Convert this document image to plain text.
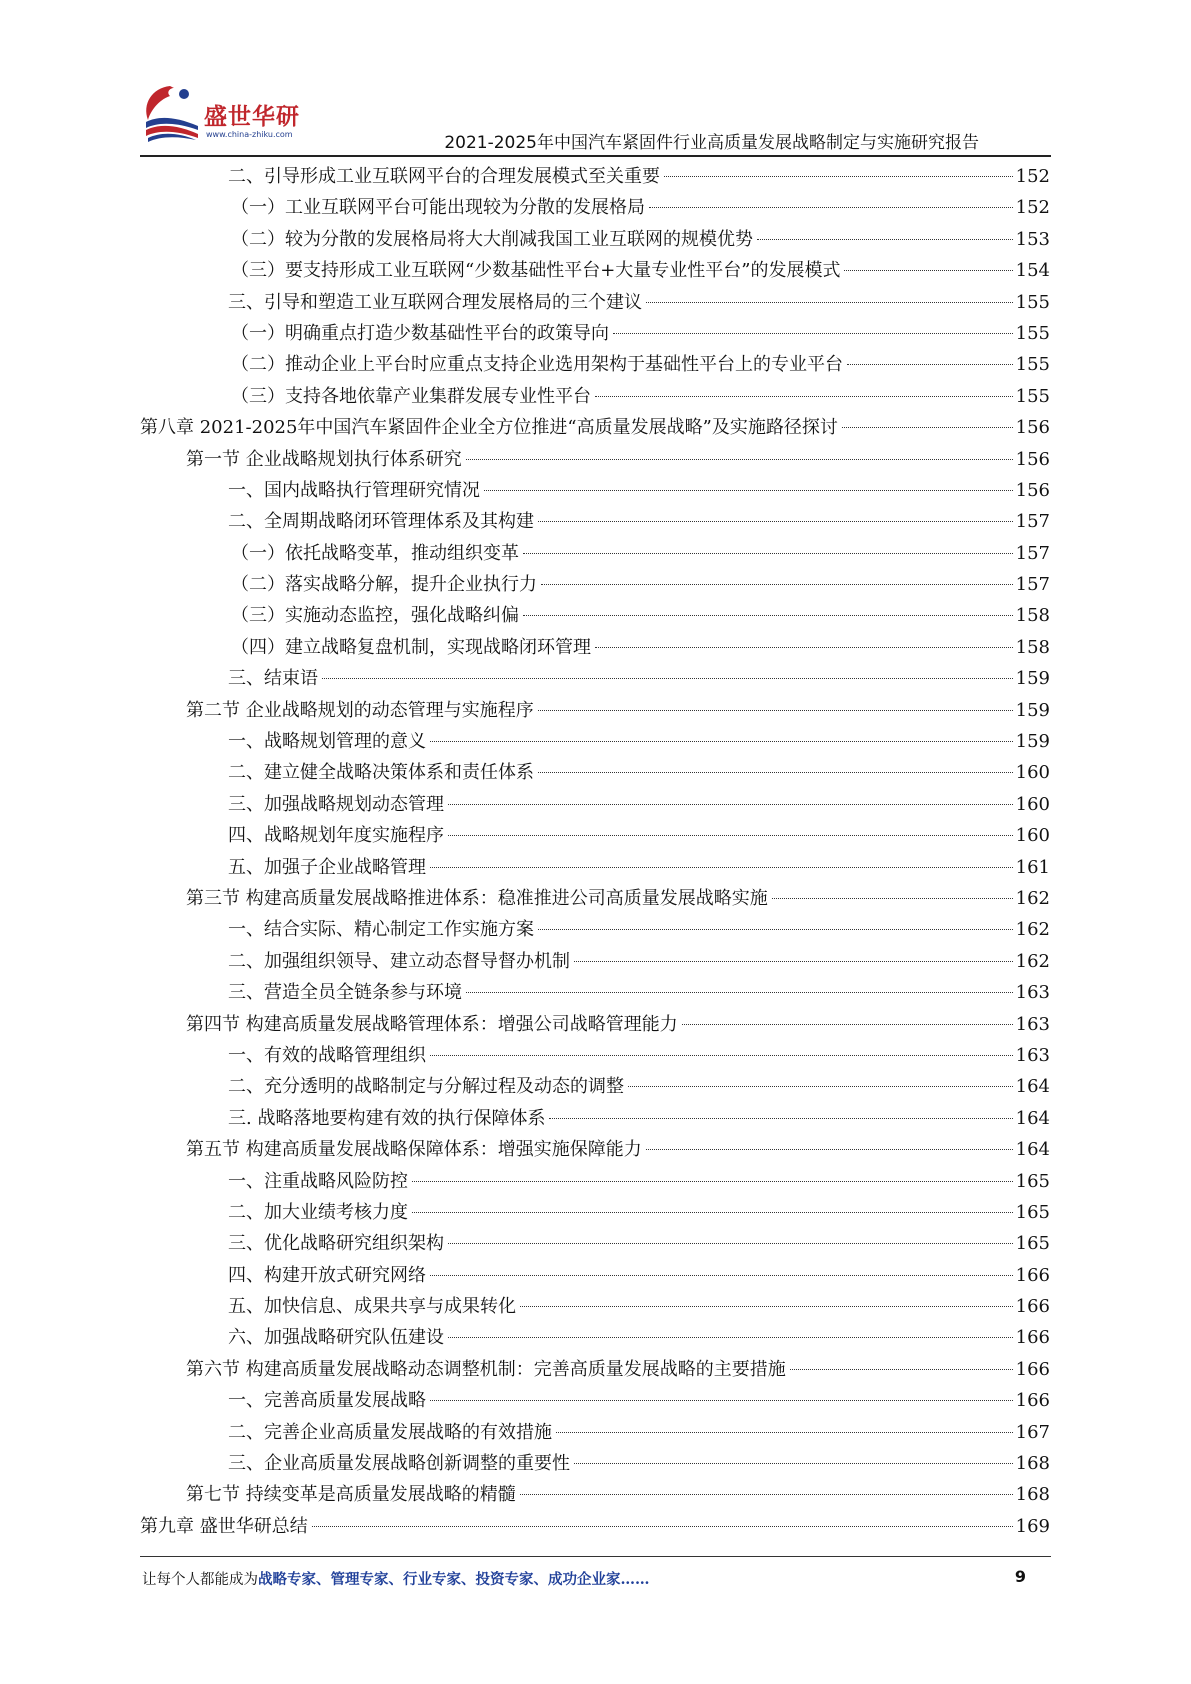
盛世华研
www.china-zhiku.com	2021-2025年中国汽车紧固件行业高质量发展战略制定与实施研究报告
二、引导形成工业互联网平台的合理发展模式至关重要	152
（一）工业互联网平台可能出现较为分散的发展格局	152
（二）较为分散的发展格局将大大削减我国工业互联网的规模优势	153
（三）要支持形成工业互联网“少数基础性平台+大量专业性平台”的发展模式	154
三、引导和塑造工业互联网合理发展格局的三个建议	155
（一）明确重点打造少数基础性平台的政策导向	155
（二）推动企业上平台时应重点支持企业选用架构于基础性平台上的专业平台	155
（三）支持各地依靠产业集群发展专业性平台	155
第八章 2021-2025年中国汽车紧固件企业全方位推进“高质量发展战略”及实施路径探讨	156
第一节 企业战略规划执行体系研究	156
一、国内战略执行管理研究情况	156
二、全周期战略闭环管理体系及其构建	157
（一）依托战略变革，推动组织变革	157
（二）落实战略分解，提升企业执行力	157
（三）实施动态监控，强化战略纠偏	158
（四）建立战略复盘机制，实现战略闭环管理	158
三、结束语	159
第二节 企业战略规划的动态管理与实施程序	159
一、战略规划管理的意义	159
二、建立健全战略决策体系和责任体系	160
三、加强战略规划动态管理	160
四、战略规划年度实施程序	160
五、加强子企业战略管理	161
第三节 构建高质量发展战略推进体系：稳准推进公司高质量发展战略实施	162
一、结合实际、精心制定工作实施方案	162
二、加强组织领导、建立动态督导督办机制	162
三、营造全员全链条参与环境	163
第四节 构建高质量发展战略管理体系：增强公司战略管理能力	163
一、有效的战略管理组织	163
二、充分透明的战略制定与分解过程及动态的调整	164
三. 战略落地要构建有效的执行保障体系	164
第五节 构建高质量发展战略保障体系：增强实施保障能力	164
一、注重战略风险防控	165
二、加大业绩考核力度	165
三、优化战略研究组织架构	165
四、构建开放式研究网络	166
五、加快信息、成果共享与成果转化	166
六、加强战略研究队伍建设	166
第六节 构建高质量发展战略动态调整机制：完善高质量发展战略的主要措施	166
一、完善高质量发展战略	166
二、完善企业高质量发展战略的有效措施	167
三、企业高质量发展战略创新调整的重要性	168
第七节 持续变革是高质量发展战略的精髓	168
第九章 盛世华研总结	169
让每个人都能成为战略专家、管理专家、行业专家、投资专家、成功企业家……	9
